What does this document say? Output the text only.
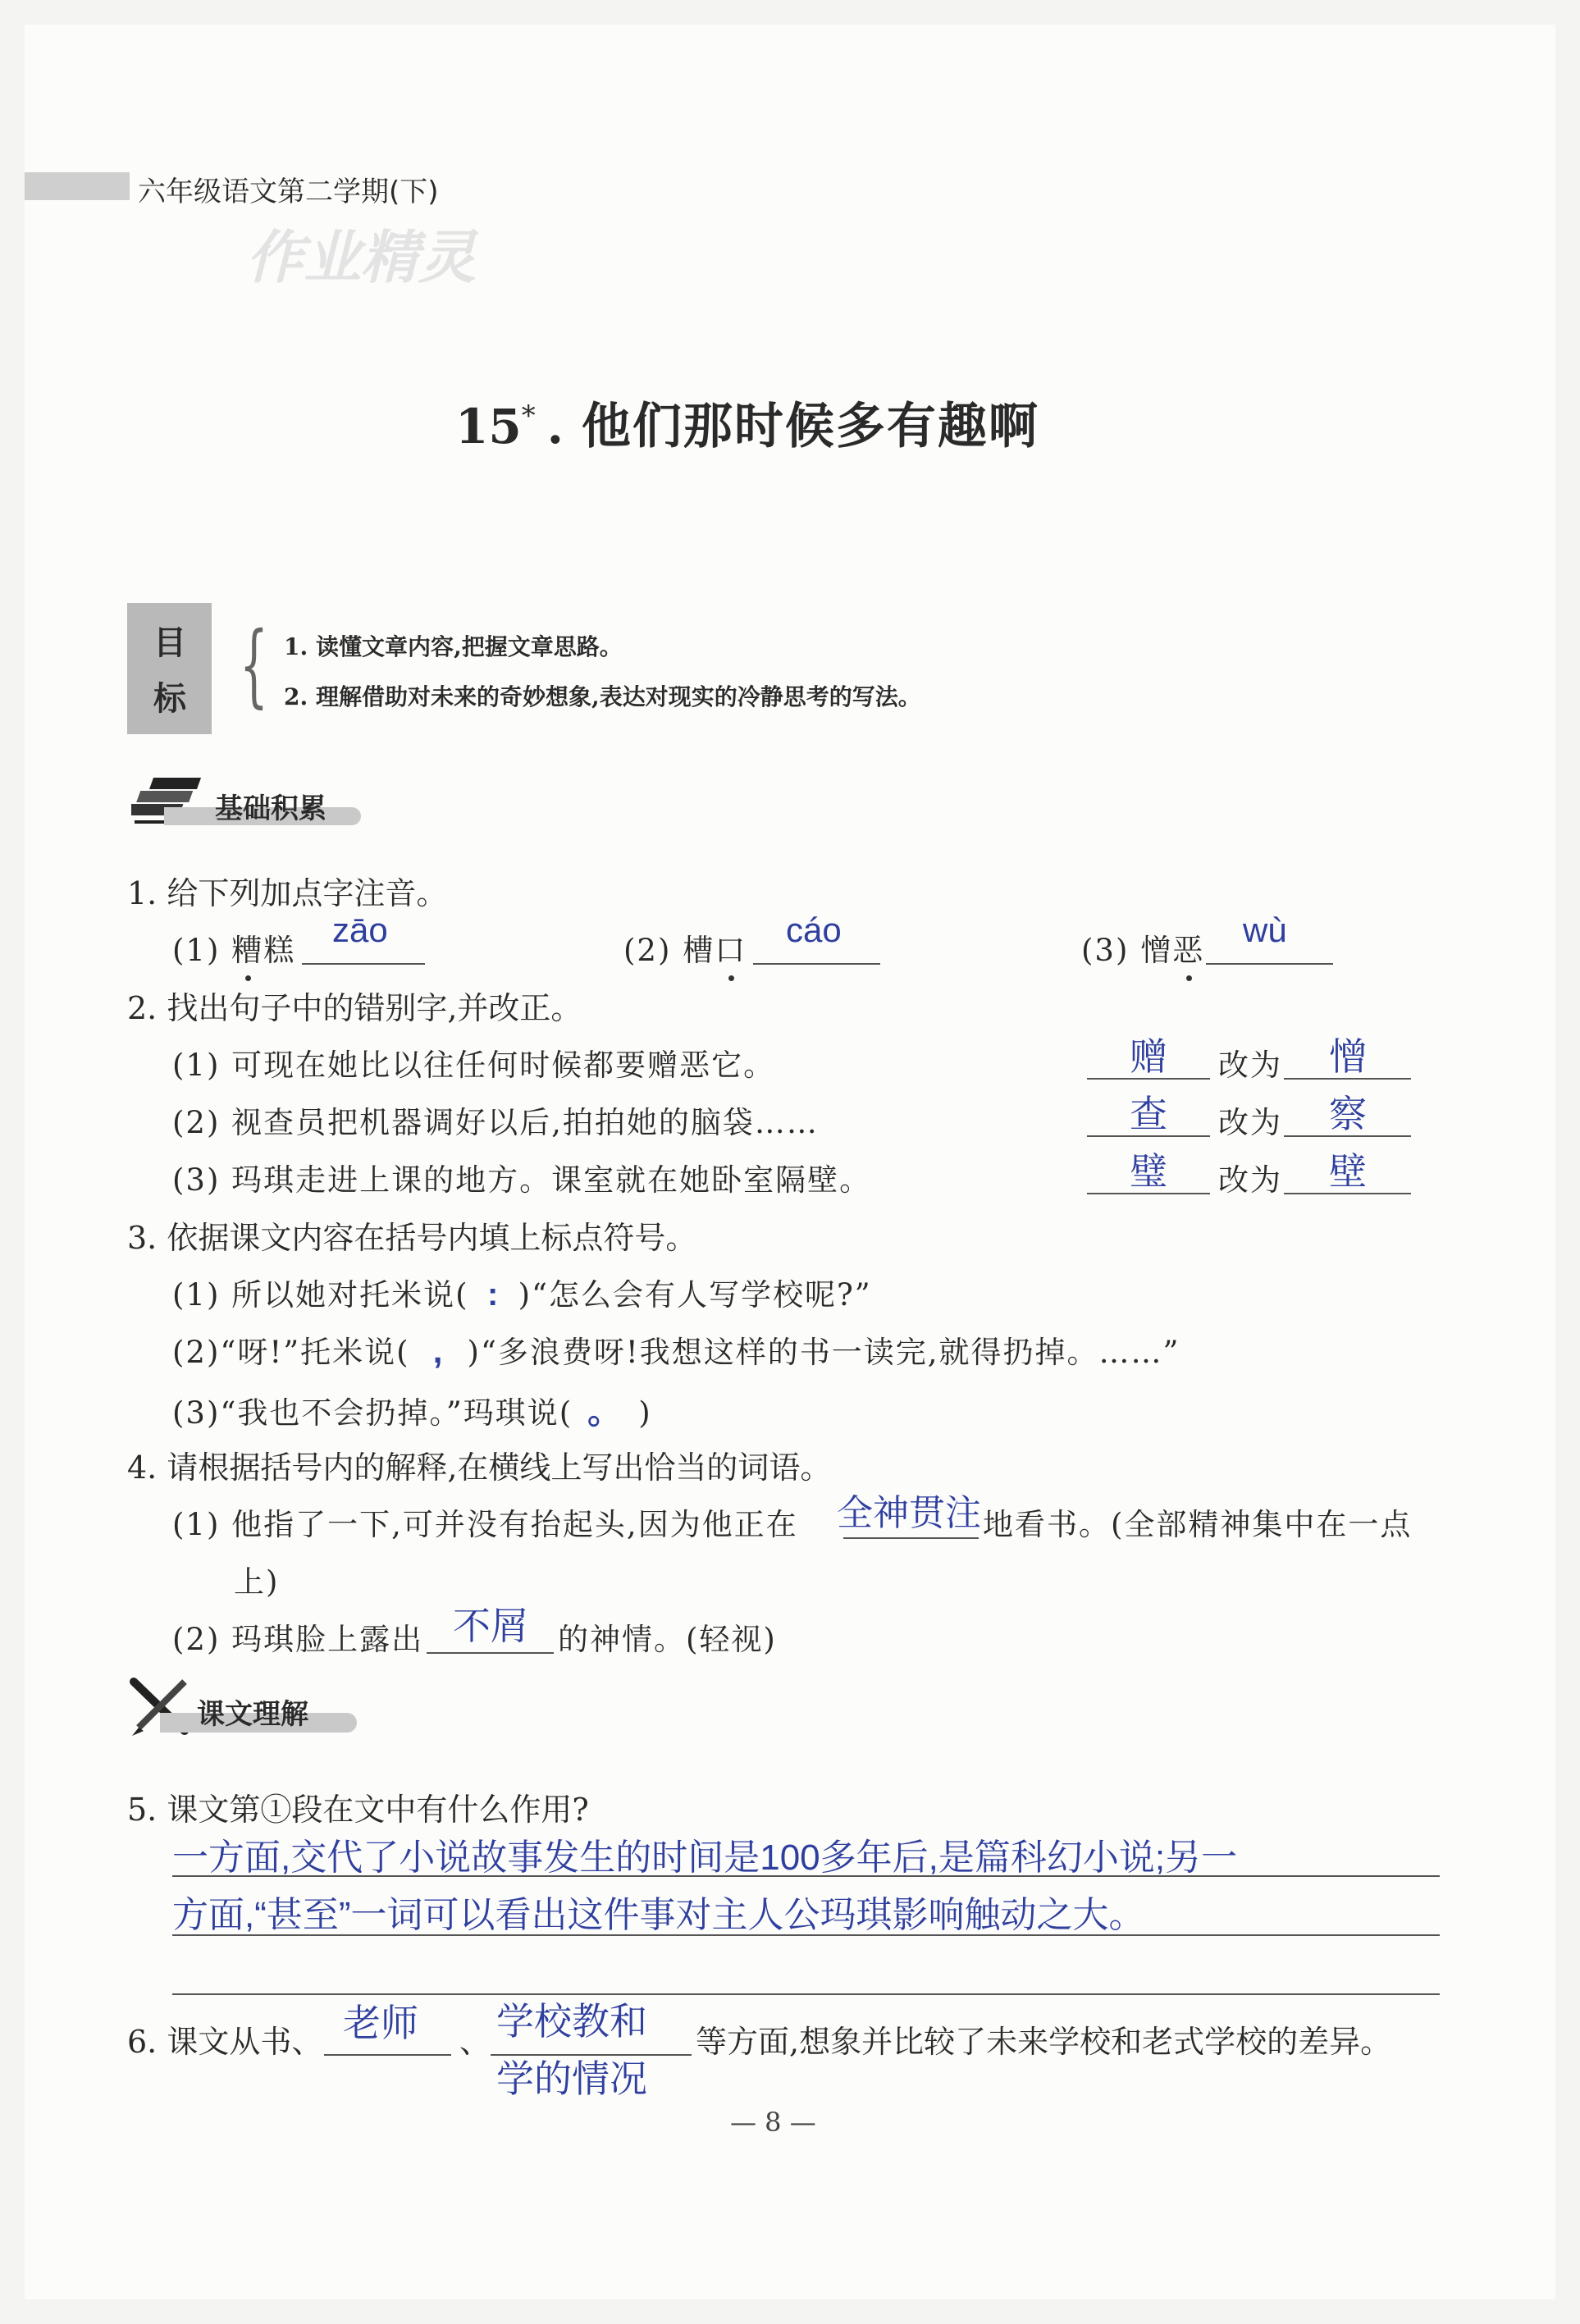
六年级语文第二学期(下)
作业精灵
15* . 他们那时候多有趣啊
目
标 { 1. 读懂文章内容,把握文章思路。
2. 理解借助对未来的奇妙想象,表达对现实的冷静思考的写法。
基础积累
1. 给下列加点字注音。
(1) 糟糕
zāo
(2) 槽口
cáo
(3) 憎恶
wù
2. 找出句子中的错别字,并改正。
(1) 可现在她比以往任何时候都要赠恶它。	赠 改为 憎
(2) 视查员把机器调好以后,拍拍她的脑袋……	查 改为 察
(3) 玛琪走进上课的地方。课室就在她卧室隔壁。	璧 改为 壁
3. 依据课文内容在括号内填上标点符号。
(1) 所以她对托米说( : )“怎么会有人写学校呢?”
(2)“呀!”托米说( , )“多浪费呀!我想这样的书一读完,就得扔掉。……”
(3)“我也不会扔掉。”玛琪说( 。 )
4. 请根据括号内的解释,在横线上写出恰当的词语。
(1) 他指了一下,可并没有抬起头,因为他正在 全神贯注 地看书。(全部精神集中在一点
上)
(2) 玛琪脸上露出 不屑 的神情。(轻视)
课文理解
5. 课文第①段在文中有什么作用?
一方面,交代了小说故事发生的时间是100多年后,是篇科幻小说;另一
方面,“甚至”一词可以看出这件事对主人公玛琪影响触动之大。
6. 课文从书、 老师 、 学校教和
学的情况
等方面,想象并比较了未来学校和老式学校的差异。
— 8 —
